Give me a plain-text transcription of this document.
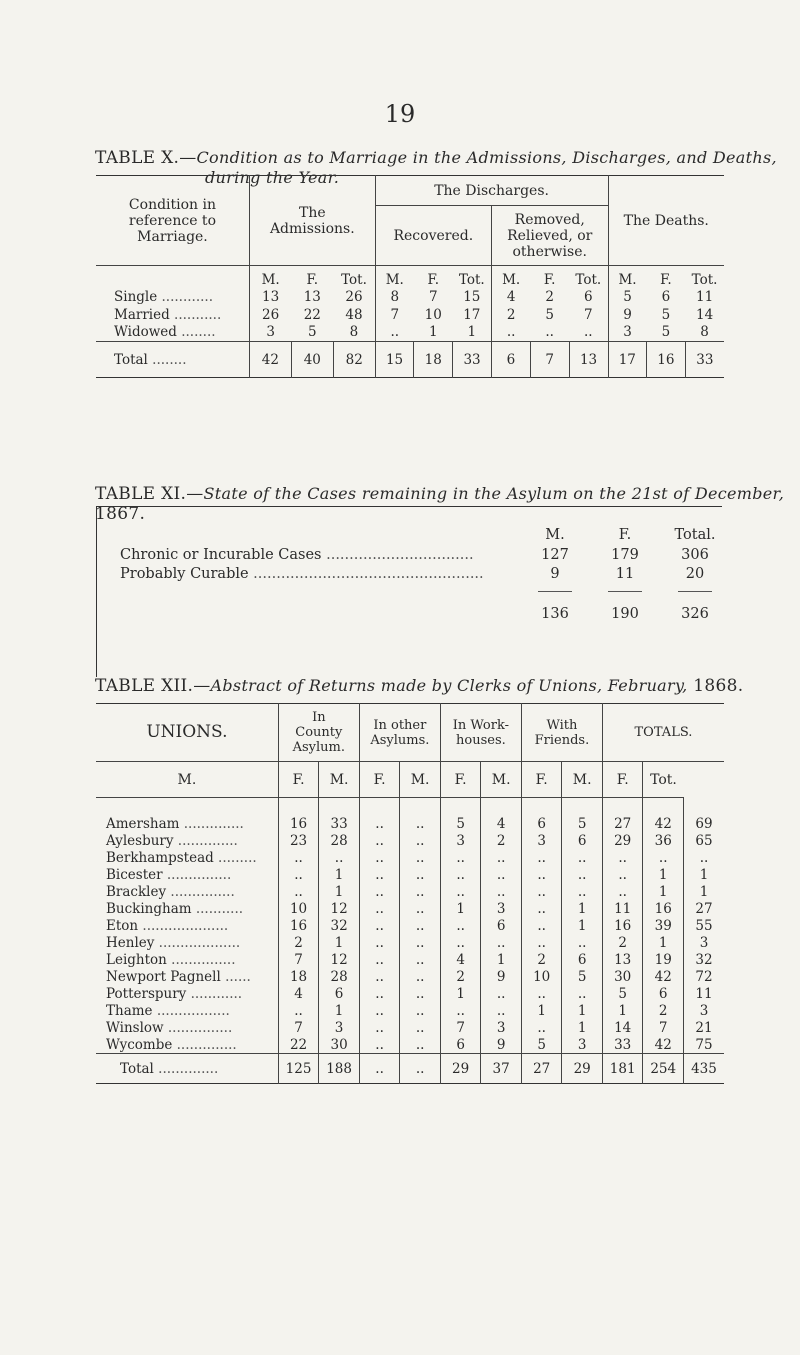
19
TABLE X.—Condition as to Marriage in the Admissions, Discharges, and Deaths,
during the Year.
Condition in reference to Marriage.	The Admissions.			The Discharges.						The Deaths.		
				Recovered.			Removed, Relieved, or otherwise.					
	M.	F.	Tot.	M.	F.	Tot.	M.	F.	Tot.	M.	F.	Tot.
Single ............	13	13	26	8	7	15	4	2	6	5	6	11
Married ...........	26	22	48	7	10	17	2	5	7	9	5	14
Widowed ........	3	5	8	..	1	1	..	..	..	3	5	8
Total ........	42	40	82	15	18	33	6	7	13	17	16	33
TABLE XI.—State of the Cases remaining in the Asylum on the 21st of December, 1867.
	M.	F.	Total.
Chronic or Incurable Cases ................................	127	179	306
Probably Curable ..................................................	9	11	20

	136	190	326
TABLE XII.—Abstract of Returns made by Clerks of Unions, February, 1868.
UNIONS.	In County Asylum.		In other Asylums.		In Work-houses.		With Friends.		TOTALS.		
M.	F.	M.	F.	M.	F.	M.	F.	M.	F.	Tot.	

Amersham ..............	16	33	..	..	5	4	6	5	27	42	69
Aylesbury ..............	23	28	..	..	3	2	3	6	29	36	65
Berkhampstead .........	..	..	..	..	..	..	..	..	..	..	..
Bicester ...............	..	1	..	..	..	..	..	..	..	1	1
Brackley ...............	..	1	..	..	..	..	..	..	..	1	1
Buckingham ...........	10	12	..	..	1	3	..	1	11	16	27
Eton ....................	16	32	..	..	..	6	..	1	16	39	55
Henley ...................	2	1	..	..	..	..	..	..	2	1	3
Leighton ...............	7	12	..	..	4	1	2	6	13	19	32
Newport Pagnell ......	18	28	..	..	2	9	10	5	30	42	72
Potterspury ............	4	6	..	..	1	..	..	..	5	6	11
Thame .................	..	1	..	..	..	..	1	1	1	2	3
Winslow ...............	7	3	..	..	7	3	..	1	14	7	21
Wycombe ..............	22	30	..	..	6	9	5	3	33	42	75
Total ..............	125	188	..	..	29	37	27	29	181	254	435
